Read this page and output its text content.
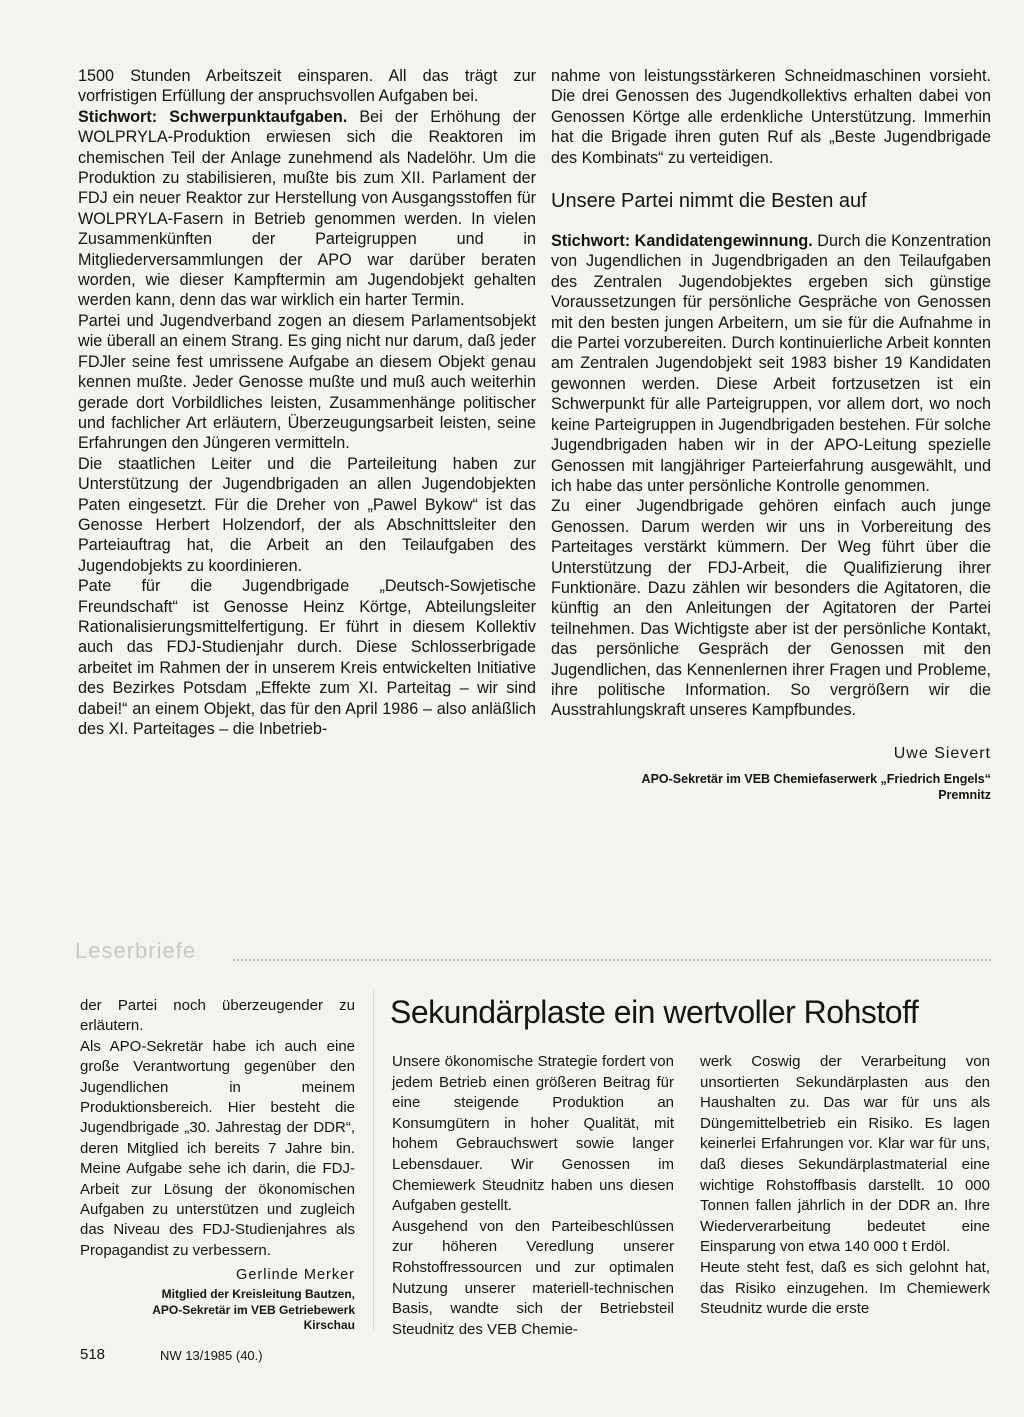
1500 Stunden Arbeitszeit einsparen. All das trägt zur vorfristigen Erfüllung der anspruchsvollen Aufgaben bei.

Stichwort: Schwerpunktaufgaben. Bei der Erhöhung der WOLPRYLA-Produktion erwiesen sich die Reaktoren im chemischen Teil der Anlage zunehmend als Nadelöhr. Um die Produktion zu stabilisieren, mußte bis zum XII. Parlament der FDJ ein neuer Reaktor zur Herstellung von Ausgangsstoffen für WOLPRYLA-Fasern in Betrieb genommen werden. In vielen Zusammenkünften der Parteigruppen und in Mitgliederversammlungen der APO war darüber beraten worden, wie dieser Kampftermin am Jugendobjekt gehalten werden kann, denn das war wirklich ein harter Termin.

Partei und Jugendverband zogen an diesem Parlamentsobjekt wie überall an einem Strang. Es ging nicht nur darum, daß jeder FDJler seine fest umrissene Aufgabe an diesem Objekt genau kennen mußte. Jeder Genosse mußte und muß auch weiterhin gerade dort Vorbildliches leisten, Zusammenhänge politischer und fachlicher Art erläutern, Überzeugungsarbeit leisten, seine Erfahrungen den Jüngeren vermitteln.

Die staatlichen Leiter und die Parteileitung haben zur Unterstützung der Jugendbrigaden an allen Jugendobjekten Paten eingesetzt. Für die Dreher von „Pawel Bykow“ ist das Genosse Herbert Holzendorf, der als Abschnittsleiter den Parteiauftrag hat, die Arbeit an den Teilaufgaben des Jugendobjekts zu koordinieren.

Pate für die Jugendbrigade „Deutsch-Sowjetische Freundschaft“ ist Genosse Heinz Körtge, Abteilungsleiter Rationalisierungsmittelfertigung. Er führt in diesem Kollektiv auch das FDJ-Studienjahr durch. Diese Schlosserbrigade arbeitet im Rahmen der in unserem Kreis entwickelten Initiative des Bezirkes Potsdam „Effekte zum XI. Parteitag – wir sind dabei!“ an einem Objekt, das für den April 1986 – also anläßlich des XI. Parteitages – die Inbetrieb-

nahme von leistungsstärkeren Schneidmaschinen vorsieht. Die drei Genossen des Jugendkollektivs erhalten dabei von Genossen Körtge alle erdenkliche Unterstützung. Immerhin hat die Brigade ihren guten Ruf als „Beste Jugendbrigade des Kombinats“ zu verteidigen.

Unsere Partei nimmt die Besten auf

Stichwort: Kandidatengewinnung. Durch die Konzentration von Jugendlichen in Jugendbrigaden an den Teilaufgaben des Zentralen Jugendobjektes ergeben sich günstige Voraussetzungen für persönliche Gespräche von Genossen mit den besten jungen Arbeitern, um sie für die Aufnahme in die Partei vorzubereiten. Durch kontinuierliche Arbeit konnten am Zentralen Jugendobjekt seit 1983 bisher 19 Kandidaten gewonnen werden. Diese Arbeit fortzusetzen ist ein Schwerpunkt für alle Parteigruppen, vor allem dort, wo noch keine Parteigruppen in Jugendbrigaden bestehen. Für solche Jugendbrigaden haben wir in der APO-Leitung spezielle Genossen mit langjähriger Parteierfahrung ausgewählt, und ich habe das unter persönliche Kontrolle genommen.

Zu einer Jugendbrigade gehören einfach auch junge Genossen. Darum werden wir uns in Vorbereitung des Parteitages verstärkt kümmern. Der Weg führt über die Unterstützung der FDJ-Arbeit, die Qualifizierung ihrer Funktionäre. Dazu zählen wir besonders die Agitatoren, die künftig an den Anleitungen der Agitatoren der Partei teilnehmen. Das Wichtigste aber ist der persönliche Kontakt, das persönliche Gespräch der Genossen mit den Jugendlichen, das Kennenlernen ihrer Fragen und Probleme, ihre politische Information. So vergrößern wir die Ausstrahlungskraft unseres Kampfbundes.

Uwe Sievert
APO-Sekretär im VEB Chemiefaserwerk „Friedrich Engels“
Premnitz
Leserbriefe

der Partei noch überzeugender zu erläutern.

Als APO-Sekretär habe ich auch eine große Verantwortung gegenüber den Jugendlichen in meinem Produktionsbereich. Hier besteht die Jugendbrigade „30. Jahrestag der DDR“, deren Mitglied ich bereits 7 Jahre bin. Meine Aufgabe sehe ich darin, die FDJ-Arbeit zur Lösung der ökonomischen Aufgaben zu unterstützen und zugleich das Niveau des FDJ-Studienjahres als Propagandist zu verbessern.

Gerlinde Merker
Mitglied der Kreisleitung Bautzen,
APO-Sekretär im VEB Getriebewerk
Kirschau
Sekundärplaste ein wertvoller Rohstoff

Unsere ökonomische Strategie fordert von jedem Betrieb einen größeren Beitrag für eine steigende Produktion an Konsumgütern in hoher Qualität, mit hohem Gebrauchswert sowie langer Lebensdauer. Wir Genossen im Chemiewerk Steudnitz haben uns diesen Aufgaben gestellt.

Ausgehend von den Parteibeschlüssen zur höheren Veredlung unserer Rohstoffressourcen und zur optimalen Nutzung unserer materiell-technischen Basis, wandte sich der Betriebsteil Steudnitz des VEB Chemie-

werk Coswig der Verarbeitung von unsortierten Sekundärplasten aus den Haushalten zu. Das war für uns als Düngemittelbetrieb ein Risiko. Es lagen keinerlei Erfahrungen vor. Klar war für uns, daß dieses Sekundärplastmaterial eine wichtige Rohstoffbasis darstellt. 10 000 Tonnen fallen jährlich in der DDR an. Ihre Wiederverarbeitung bedeutet eine Einsparung von etwa 140 000 t Erdöl.

Heute steht fest, daß es sich gelohnt hat, das Risiko einzugehen. Im Chemiewerk Steudnitz wurde die erste

518	NW 13/1985 (40.)
